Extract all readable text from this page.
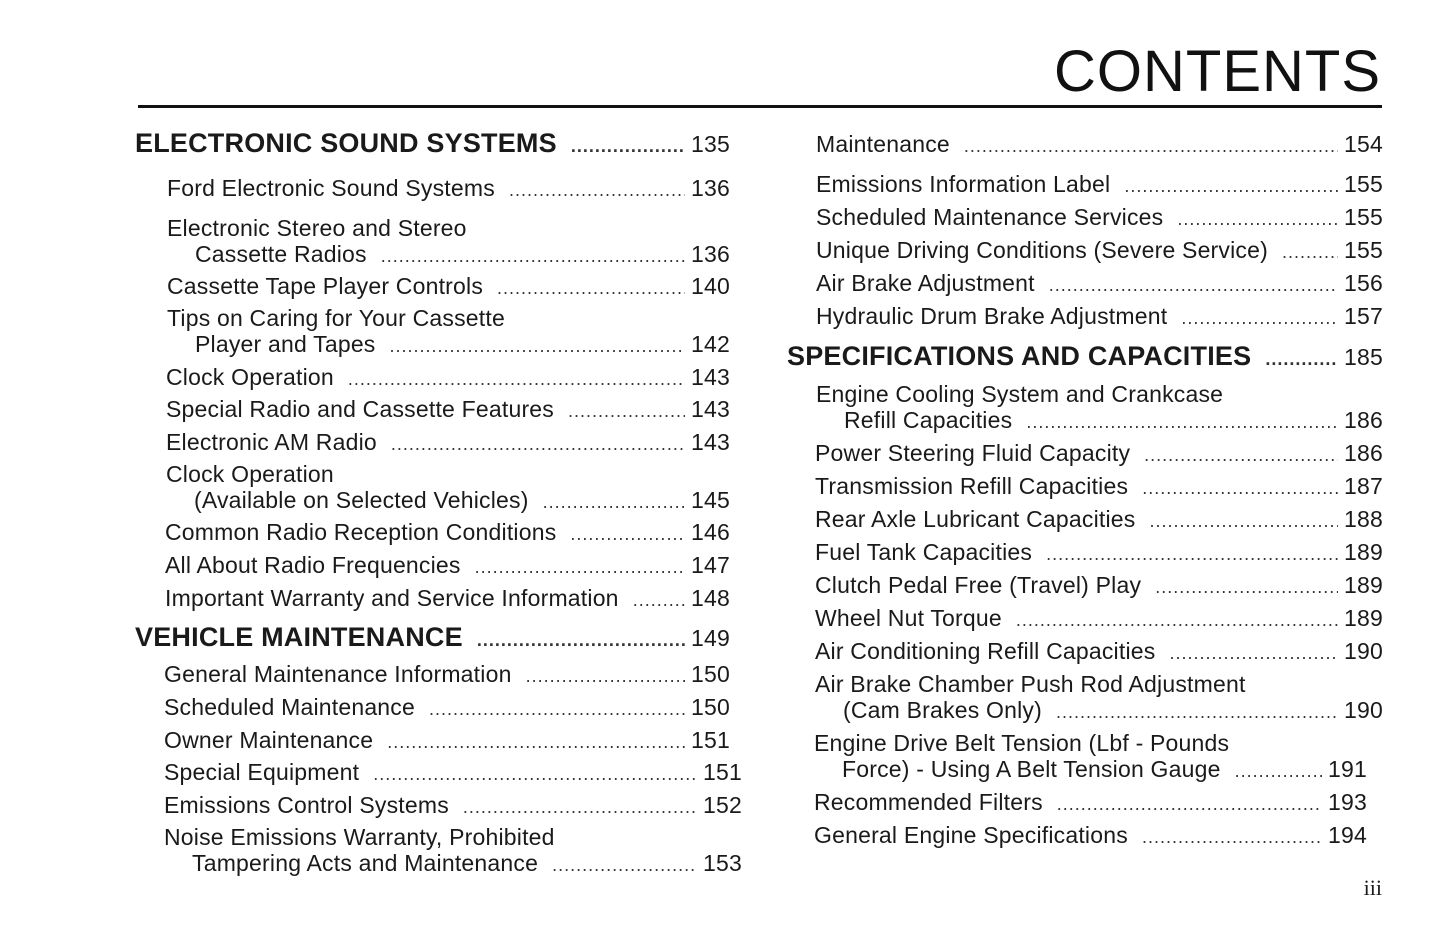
CONTENTS
ELECTRONIC SOUND SYSTEMS .....	135
Ford Electronic Sound Systems .....	136
Electronic Stereo and Stereo
Cassette Radios .....	136
Cassette Tape Player Controls .....	140
Tips on Caring for Your Cassette
Player and Tapes .....	142
Clock Operation .....	143
Special Radio and Cassette Features .....	143
Electronic AM Radio .....	143
Clock Operation
(Available on Selected Vehicles) .....	145
Common Radio Reception Conditions .....	146
All About Radio Frequencies .....	147
Important Warranty and Service Information .....	148
VEHICLE MAINTENANCE .....	149
General Maintenance Information .....	150
Scheduled Maintenance .....	150
Owner Maintenance .....	151
Special Equipment .....	151
Emissions Control Systems .....	152
Noise Emissions Warranty, Prohibited
Tampering Acts and Maintenance .....	153
Maintenance .....	154
Emissions Information Label .....	155
Scheduled Maintenance Services .....	155
Unique Driving Conditions (Severe Service) .....	155
Air Brake Adjustment .....	156
Hydraulic Drum Brake Adjustment .....	157
SPECIFICATIONS AND CAPACITIES .....	185
Engine Cooling System and Crankcase
Refill Capacities .....	186
Power Steering Fluid Capacity .....	186
Transmission Refill Capacities .....	187
Rear Axle Lubricant Capacities .....	188
Fuel Tank Capacities .....	189
Clutch Pedal Free (Travel) Play .....	189
Wheel Nut Torque .....	189
Air Conditioning Refill Capacities .....	190
Air Brake Chamber Push Rod Adjustment
(Cam Brakes Only) .....	190
Engine Drive Belt Tension (Lbf - Pounds
Force) - Using A Belt Tension Gauge .....	191
Recommended Filters .....	193
General Engine Specifications .....	194
iii
